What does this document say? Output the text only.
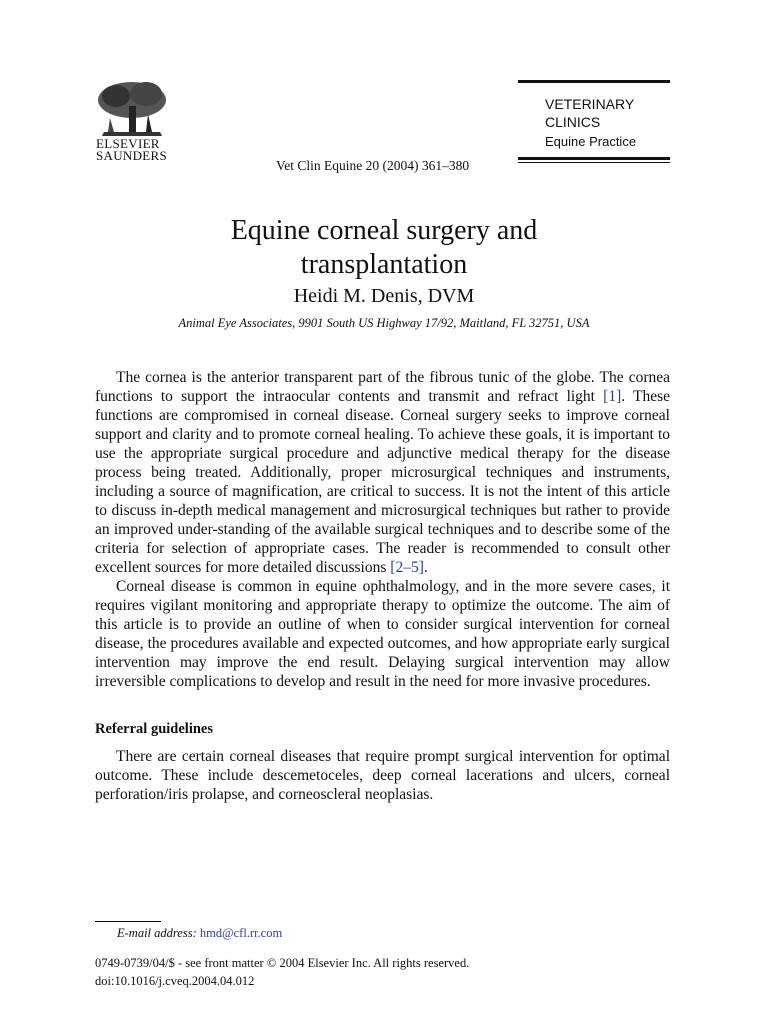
ELSEVIER
SAUNDERS
Vet Clin Equine 20 (2004) 361–380
VETERINARY
CLINICS
Equine Practice
Equine corneal surgery and
transplantation
Heidi M. Denis, DVM
Animal Eye Associates, 9901 South US Highway 17/92, Maitland, FL 32751, USA

The cornea is the anterior transparent part of the fibrous tunic of the globe. The cornea functions to support the intraocular contents and transmit and refract light [1]. These functions are compromised in corneal disease. Corneal surgery seeks to improve corneal support and clarity and to promote corneal healing. To achieve these goals, it is important to use the appropriate surgical procedure and adjunctive medical therapy for the disease process being treated. Additionally, proper microsurgical techniques and instruments, including a source of magnification, are critical to success. It is not the intent of this article to discuss in-depth medical management and microsurgical techniques but rather to provide an improved under-standing of the available surgical techniques and to describe some of the criteria for selection of appropriate cases. The reader is recommended to consult other excellent sources for more detailed discussions [2–5].

Corneal disease is common in equine ophthalmology, and in the more severe cases, it requires vigilant monitoring and appropriate therapy to optimize the outcome. The aim of this article is to provide an outline of when to consider surgical intervention for corneal disease, the procedures available and expected outcomes, and how appropriate early surgical intervention may improve the end result. Delaying surgical intervention may allow irreversible complications to develop and result in the need for more invasive procedures.

Referral guidelines

There are certain corneal diseases that require prompt surgical intervention for optimal outcome. These include descemetoceles, deep corneal lacerations and ulcers, corneal perforation/iris prolapse, and corneoscleral neoplasias.

E-mail address: hmd@cfl.rr.com
0749-0739/04/$ - see front matter © 2004 Elsevier Inc. All rights reserved.
doi:10.1016/j.cveq.2004.04.012
